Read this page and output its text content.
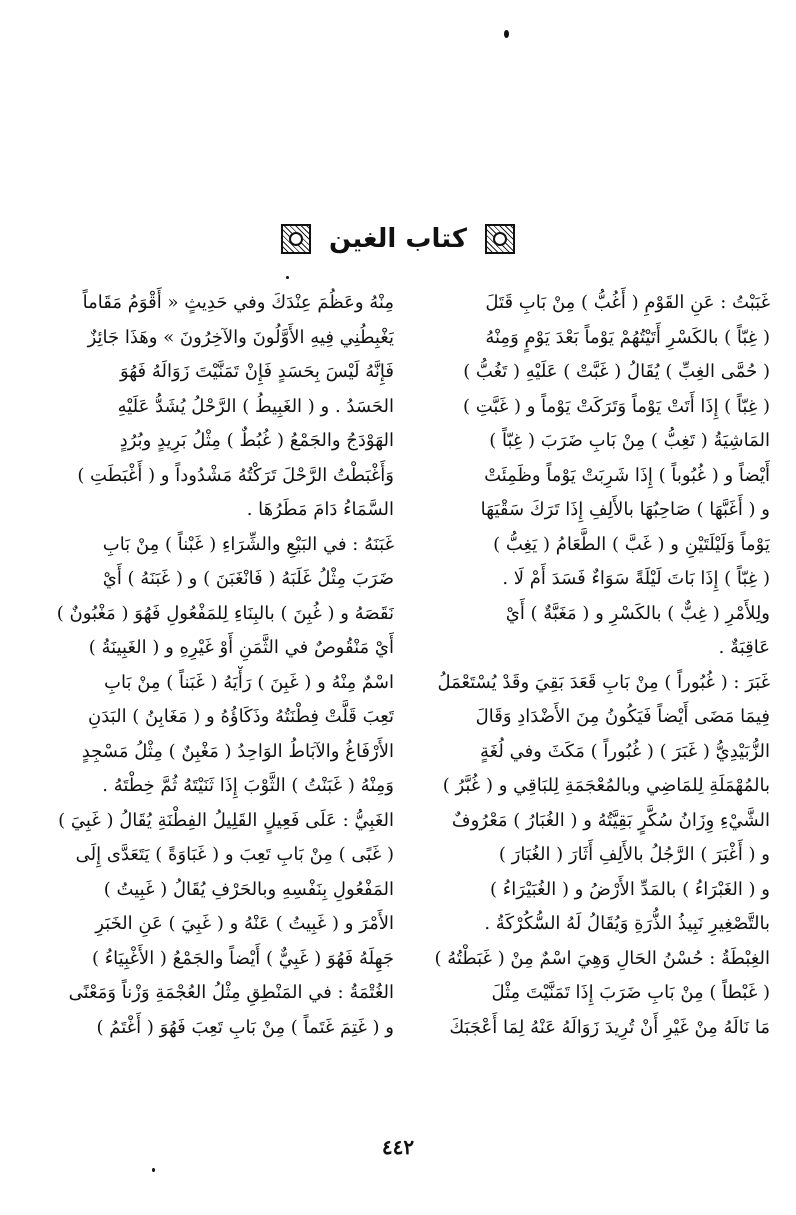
كتاب الغين
غَبَبْتُ : عَنِ القَوْمِ ( أَغُبُّ ) مِنْ بَابِ قَتَلَ
( غِبّاً ) بالكَسْرِ أَتَيْتُهُمْ يَوْماً بَعْدَ يَوْمٍ وَمِنْهُ
( حُمَّى الغِبِّ ) يُقَالُ ( غَبَّتْ ) عَلَيْهِ ( تَغُبُّ )
( غِبّاً ) إِذَا أَتَتْ يَوْماً وَتَرَكَتْ يَوْماً و ( غَبَّتِ )
المَاشِيَةُ ( تَغِبُّ ) مِنْ بَابِ ضَرَبَ ( غِبّاً )
أَيْضاً و ( غُبُوباً ) إِذَا شَرِبَتْ يَوْماً وظَمِئَتْ
و ( أَغَبَّهَا ) صَاحِبُهَا بالأَلِفِ إِذَا تَرَكَ سَقْيَهَا
يَوْماً وَلَيْلَتَيْنِ و ( غَبَّ ) الطَّعَامُ ( يَغِبُّ )
( غِبّاً ) إِذَا بَاتَ لَيْلَةً سَوَاءٌ فَسَدَ أَمْ لَا .
ولِلأَمْرِ ( غِبٌّ ) بالكَسْرِ و ( مَغَبَّةٌ ) أَيْ
عَاقِبَةٌ .
غَبَرَ : ( غُبُوراً ) مِنْ بَابِ قَعَدَ بَقِيَ وقَدْ يُسْتَعْمَلُ
فِيمَا مَضَى أَيْضاً فَيَكُونُ مِنَ الأَضْدَادِ وَقَالَ
الزُّبَيْدِيُّ ( غَبَرَ ) ( غُبُوراً ) مَكَثَ وفي لُغَةٍ
بالمُهْمَلَةِ لِلمَاضِي وبالمُعْجَمَةِ لِلبَاقِي و ( غُبَّرُ )
الشَّيْءِ وِزَانُ سُكَّرٍ بَقِيَّتُهُ و ( الغُبَارُ ) مَعْرُوفٌ
و ( أَغْبَرَ ) الرَّجُلُ بالأَلِفِ أَثَارَ ( الغُبَارَ )
و ( الغَبْرَاءُ ) بالمَدِّ الأَرْضُ و ( الغُبَيْرَاءُ )
بالتَّصْغِيرِ نَبِيذُ الذُّرَةِ وَيُقَالُ لَهُ السُّكُرْكَةُ .
الغِبْطَةُ : حُسْنُ الحَالِ وَهِيَ اسْمٌ مِنْ ( غَبَطْتُهُ )
( غَبْطاً ) مِنْ بَابِ ضَرَبَ إِذَا تَمَنَّيْتَ مِثْلَ
مَا نَالَهُ مِنْ غَيْرِ أَنْ تُرِيدَ زَوَالَهُ عَنْهُ لِمَا أَعْجَبَكَ
مِنْهُ وعَظُمَ عِنْدَكَ وفي حَدِيثٍ « أَقْوَمُ مَقَاماً
يَغْبِطُنِي فِيهِ الأَوَّلُونَ والآخِرُونَ » وهَذَا جَائِزٌ
فَإِنَّهُ لَيْسَ بِحَسَدٍ فَإِنْ تَمَنَّيْتَ زَوَالَهُ فَهُوَ
الحَسَدُ . و ( الغَبِيطُ ) الرَّحْلُ يُشَدُّ عَلَيْهِ
الهَوْدَجُ والجَمْعُ ( غُبُطٌ ) مِثْلُ بَرِيدٍ وبُرُدٍ
وَأَغْبَطْتُ الرَّحْلَ تَرَكْتُهُ مَشْدُوداً و ( أَغْبَطَتِ )
السَّمَاءُ دَامَ مَطَرُهَا .
غَبَنَهُ : في البَيْعِ والشِّرَاءِ ( غَبْناً ) مِنْ بَابِ
ضَرَبَ مِثْلُ غَلَبَهُ ( فَانْغَبَنَ ) و ( غَبَنَهُ ) أَيْ
نَقَصَهُ و ( غُبِنَ ) بالبِنَاءِ لِلمَفْعُولِ فَهُوَ ( مَغْبُونٌ )
أَيْ مَنْقُوصٌ في الثَّمَنِ أَوْ غَيْرِهِ و ( الغَبِينَةُ )
اسْمٌ مِنْهُ و ( غَبِنَ ) رَأْيَهُ ( غَبَناً ) مِنْ بَابِ
تَعِبَ قَلَّتْ فِطْنَتُهُ وذَكَاؤُهُ و ( مَغَابِنُ ) البَدَنِ
الأَرْفَاغُ والآبَاطُ الوَاحِدُ ( مَغْبِنٌ ) مِثْلُ مَسْجِدٍ
وَمِنْهُ ( غَبَنْتُ ) الثَّوْبَ إِذَا ثَنَيْتَهُ ثُمَّ خِطْتَهُ .
الغَبِيُّ : عَلَى فَعِيلٍ القَلِيلُ الفِطْنَةِ يُقَالُ ( غَبِيَ )
( غَبًى ) مِنْ بَابِ تَعِبَ و ( غَبَاوَةً ) يَتَعَدَّى إِلَى
المَفْعُولِ بِنَفْسِهِ وبالحَرْفِ يُقَالُ ( غَبِيتُ )
الأَمْرَ و ( غَبِيتُ ) عَنْهُ و ( غَبِيَ ) عَنِ الخَبَرِ
جَهِلَهُ فَهُوَ ( غَبِيٌّ ) أَيْضاً والجَمْعُ ( الأَغْبِيَاءُ )
الغُتْمَةُ : في المَنْطِقِ مِثْلُ العُجْمَةِ وَزْناً وَمَعْنًى
و ( غَتِمَ غَتَماً ) مِنْ بَابِ تَعِبَ فَهُوَ ( أَغْتَمُ )
٤٤٢
